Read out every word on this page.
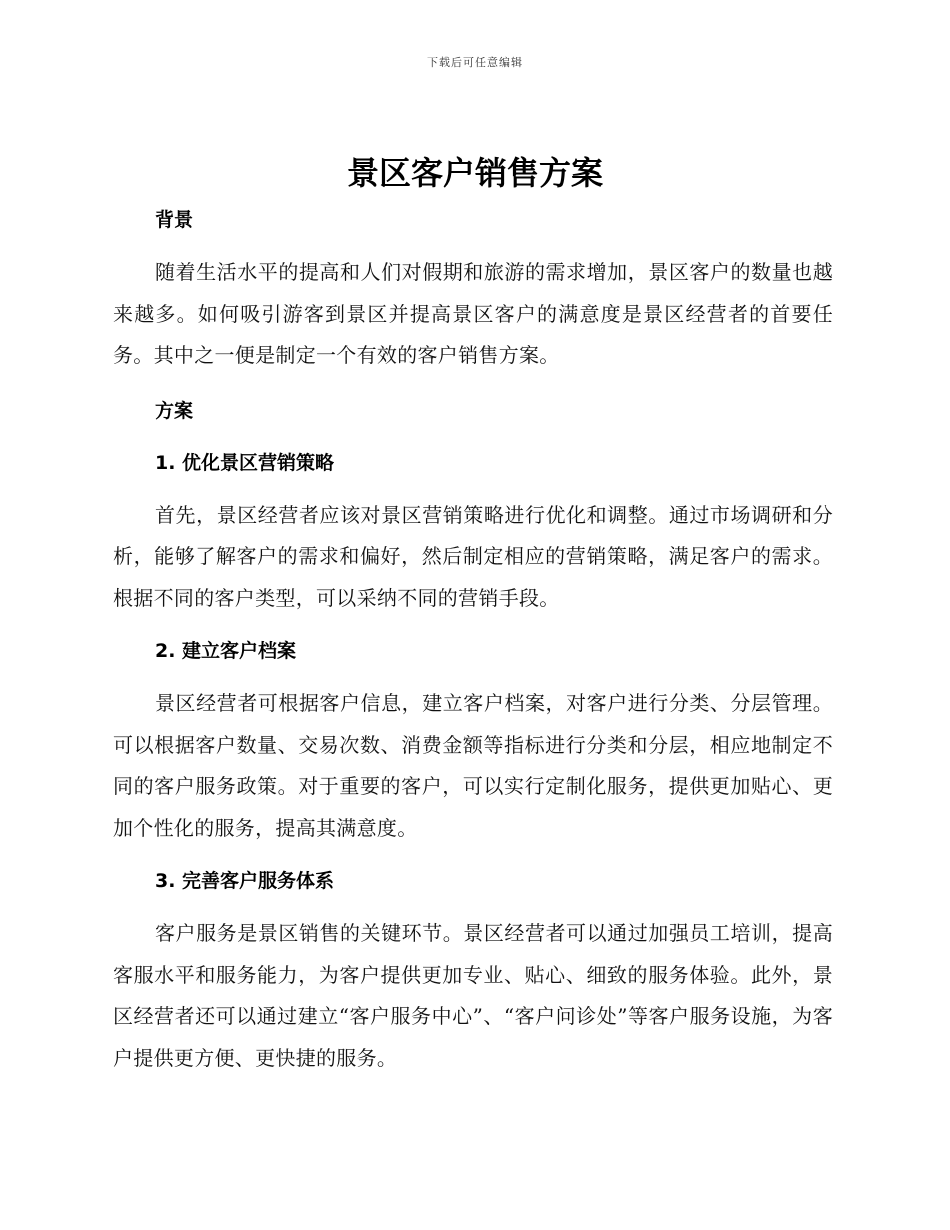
下载后可任意编辑
景区客户销售方案
背景

随着生活水平的提高和人们对假期和旅游的需求增加，景区客户的数量也越来越多。如何吸引游客到景区并提高景区客户的满意度是景区经营者的首要任务。其中之一便是制定一个有效的客户销售方案。

方案
1. 优化景区营销策略

首先，景区经营者应该对景区营销策略进行优化和调整。通过市场调研和分析，能够了解客户的需求和偏好，然后制定相应的营销策略，满足客户的需求。根据不同的客户类型，可以采纳不同的营销手段。

2. 建立客户档案

景区经营者可根据客户信息，建立客户档案，对客户进行分类、分层管理。可以根据客户数量、交易次数、消费金额等指标进行分类和分层，相应地制定不同的客户服务政策。对于重要的客户，可以实行定制化服务，提供更加贴心、更加个性化的服务，提高其满意度。

3. 完善客户服务体系

客户服务是景区销售的关键环节。景区经营者可以通过加强员工培训，提高客服水平和服务能力，为客户提供更加专业、贴心、细致的服务体验。此外，景区经营者还可以通过建立“客户服务中心”、“客户问诊处”等客户服务设施，为客户提供更方便、更快捷的服务。
